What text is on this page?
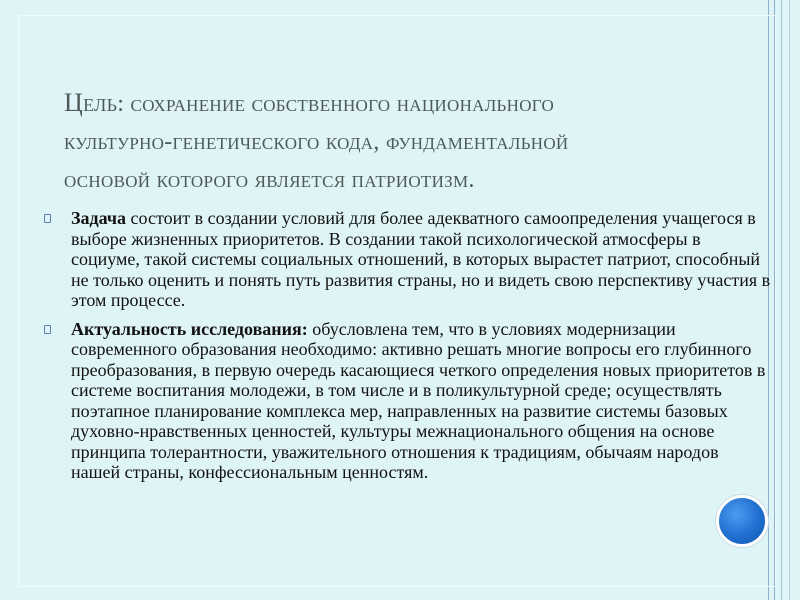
Цель: сохранение собственного национального
культурно-генетического кода, фундаментальной
основой которого является патриотизм.
Задача состоит в создании условий для более адекватного самоопределения учащегося в выборе жизненных приоритетов. В создании такой психологической атмосферы в социуме, такой системы социальных отношений, в которых вырастет патриот, способный не только оценить и понять путь развития страны, но и видеть свою перспективу участия в этом процессе.
Актуальность исследования: обусловлена тем, что в условиях модернизации современного образования необходимо: активно решать многие вопросы его глубинного преобразования, в первую очередь касающиеся четкого определения новых приоритетов в системе воспитания молодежи, в том числе и в поликультурной среде; осуществлять поэтапное планирование комплекса мер, направленных на развитие системы базовых духовно-нравственных ценностей, культуры межнационального общения на основе принципа толерантности, уважительного отношения к традициям, обычаям народов нашей страны, конфессиональным ценностям.
